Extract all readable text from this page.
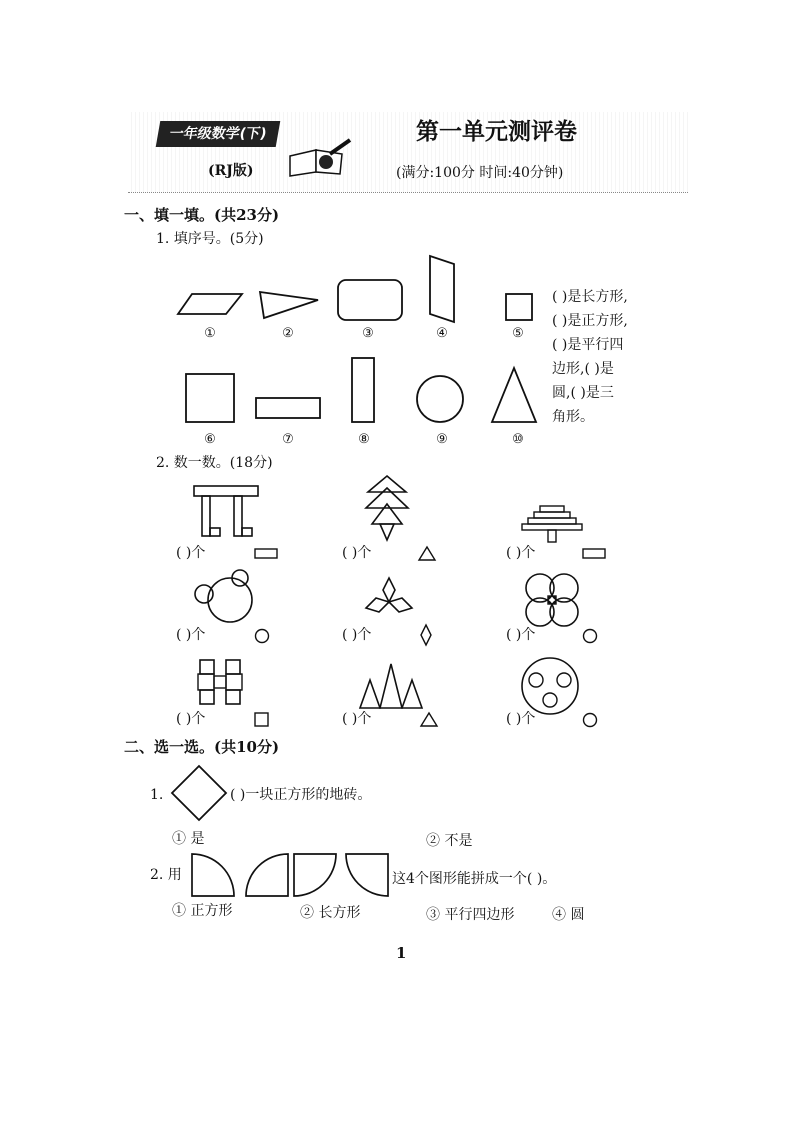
一年级数学(下)
(RJ版)
第一单元测评卷
(满分:100分 时间:40分钟)
一、填一填。(共23分)
1. 填序号。(5分)
①	②	③	④	⑤
⑥	⑦	⑧	⑨	⑩
( )是长方形,
( )是正方形,
( )是平行四
边形,( )是
圆,( )是三
角形。
2. 数一数。(18分)
( )个	( )个	( )个
( )个	( )个	( )个
( )个	( )个	( )个
二、选一选。(共10分)
1.	( )一块正方形的地砖。
① 是	② 不是
2. 用	这4个图形能拼成一个( )。
① 正方形	② 长方形	③ 平行四边形	④ 圆
1
